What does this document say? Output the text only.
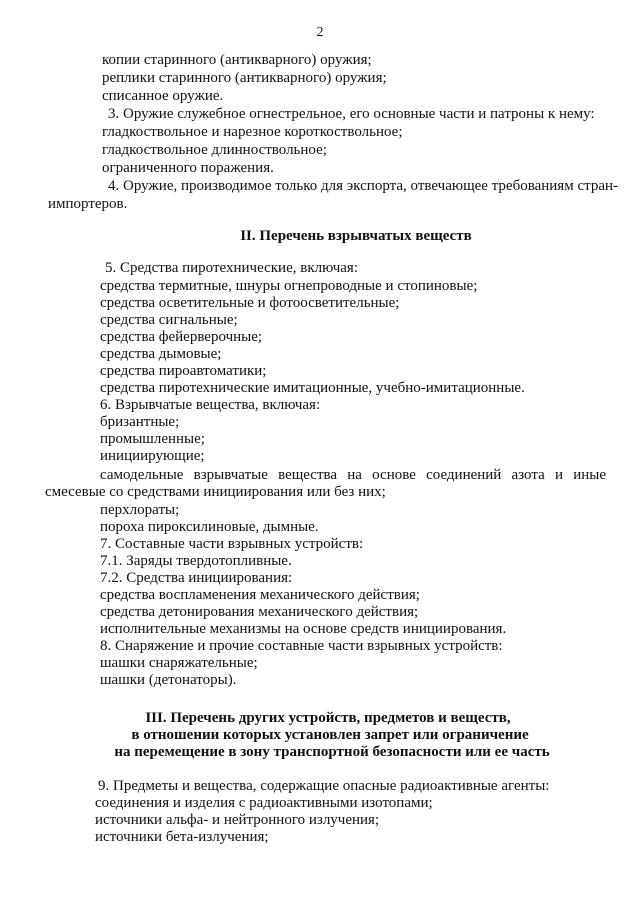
2
копии старинного (антикварного) оружия;
реплики старинного (антикварного) оружия;
списанное оружие.
3. Оружие служебное огнестрельное, его основные части и патроны к нему:
гладкоствольное и нарезное короткоствольное;
гладкоствольное длинноствольное;
ограниченного поражения.
4. Оружие, производимое только для экспорта, отвечающее требованиям стран-
импортеров.
II. Перечень взрывчатых веществ
5. Средства пиротехнические, включая:
средства термитные, шнуры огнепроводные и стопиновые;
средства осветительные и фотоосветительные;
средства сигнальные;
средства фейерверочные;
средства дымовые;
средства пироавтоматики;
средства пиротехнические имитационные, учебно-имитационные.
6. Взрывчатые вещества, включая:
бризантные;
промышленные;
инициирующие;
самодельные взрывчатые вещества на основе соединений азота и иные
смесевые со средствами инициирования или без них;
перхлораты;
пороха пироксилиновые, дымные.
7. Составные части взрывных устройств:
7.1. Заряды твердотопливные.
7.2. Средства инициирования:
средства воспламенения механического действия;
средства детонирования механического действия;
исполнительные механизмы на основе средств инициирования.
8. Снаряжение и прочие составные части взрывных устройств:
шашки снаряжательные;
шашки (детонаторы).
III. Перечень других устройств, предметов и веществ,
в отношении которых установлен запрет или ограничение
на перемещение в зону транспортной безопасности или ее часть
9. Предметы и вещества, содержащие опасные радиоактивные агенты:
соединения и изделия с радиоактивными изотопами;
источники альфа- и нейтронного излучения;
источники бета-излучения;
